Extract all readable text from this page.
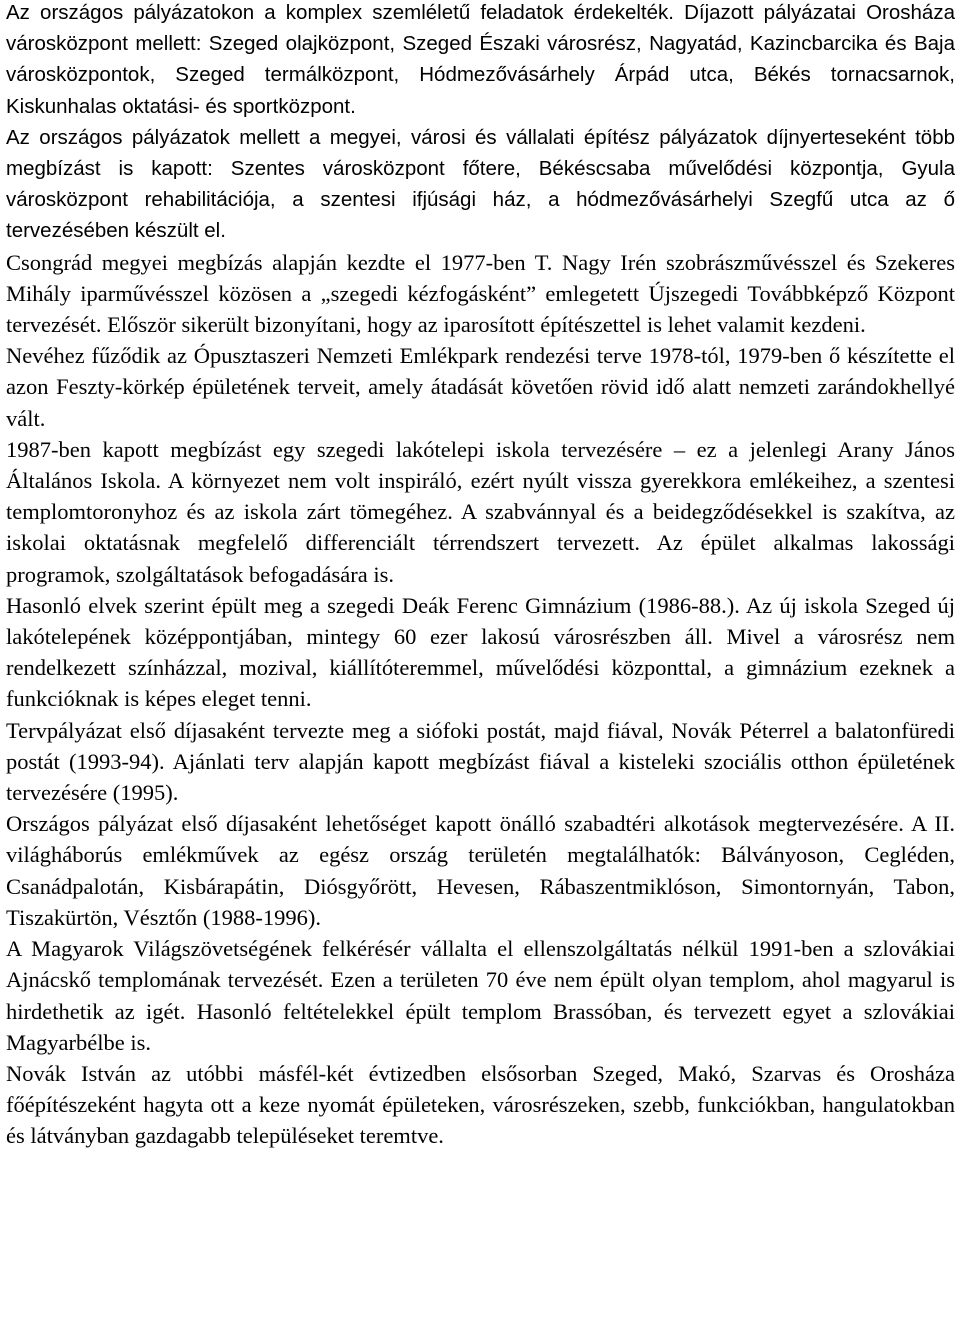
Az országos pályázatokon a komplex szemléletű feladatok érdekelték. Díjazott pályázatai Orosháza városközpont mellett: Szeged olajközpont, Szeged Északi városrész, Nagyatád, Kazincbarcika és Baja városközpontok, Szeged termálközpont, Hódmezővásárhely Árpád utca, Békés tornacsarnok, Kiskunhalas oktatási- és sportközpont.

Az országos pályázatok mellett a megyei, városi és vállalati építész pályázatok díjnyerteseként több megbízást is kapott: Szentes városközpont főtere, Békéscsaba művelődési központja, Gyula városközpont rehabilitációja, a szentesi ifjúsági ház, a hódmezővásárhelyi Szegfű utca az ő tervezésében készült el.

Csongrád megyei megbízás alapján kezdte el 1977-ben T. Nagy Irén szobrászművésszel és Szekeres Mihály iparművésszel közösen a „szegedi kézfogásként” emlegetett Újszegedi Továbbképző Központ tervezését. Először sikerült bizonyítani, hogy az iparosított építészettel is lehet valamit kezdeni.

Nevéhez fűződik az Ópusztaszeri Nemzeti Emlékpark rendezési terve 1978-tól, 1979-ben ő készítette el azon Feszty-körkép épületének terveit, amely átadását követően rövid idő alatt nemzeti zarándokhellyé vált.

1987-ben kapott megbízást egy szegedi lakótelepi iskola tervezésére – ez a jelenlegi Arany János Általános Iskola. A környezet nem volt inspiráló, ezért nyúlt vissza gyerekkora emlékeihez, a szentesi templomtoronyhoz és az iskola zárt tömegéhez. A szabvánnyal és a beidegződésekkel is szakítva, az iskolai oktatásnak megfelelő differenciált térrendszert tervezett. Az épület alkalmas lakossági programok, szolgáltatások befogadására is.

Hasonló elvek szerint épült meg a szegedi Deák Ferenc Gimnázium (1986-88.). Az új iskola Szeged új lakótelepének középpontjában, mintegy 60 ezer lakosú városrészben áll. Mivel a városrész nem rendelkezett színházzal, mozival, kiállítóteremmel, művelődési központtal, a gimnázium ezeknek a funkcióknak is képes eleget tenni.

Tervpályázat első díjasaként tervezte meg a siófoki postát, majd fiával, Novák Péterrel a balatonfüredi postát (1993-94). Ajánlati terv alapján kapott megbízást fiával a kisteleki szociális otthon épületének tervezésére (1995).

Országos pályázat első díjasaként lehetőséget kapott önálló szabadtéri alkotások megtervezésére. A II. világháborús emlékművek az egész ország területén megtalálhatók: Bálványoson, Cegléden, Csanádpalotán, Kisbárapátin, Diósgyőrött, Hevesen, Rábaszentmiklóson, Simontornyán, Tabon, Tiszakürtön, Vésztőn (1988-1996).

A Magyarok Világszövetségének felkérésér vállalta el ellenszolgáltatás nélkül 1991-ben a szlovákiai Ajnácskő templomának tervezését. Ezen a területen 70 éve nem épült olyan templom, ahol magyarul is hirdethetik az igét. Hasonló feltételekkel épült templom Brassóban, és tervezett egyet a szlovákiai Magyarbélbe is.

Novák István az utóbbi másfél-két évtizedben elsősorban Szeged, Makó, Szarvas és Orosháza főépítészeként hagyta ott a keze nyomát épületeken, városrészeken, szebb, funkciókban, hangulatokban és látványban gazdagabb településeket teremtve.
